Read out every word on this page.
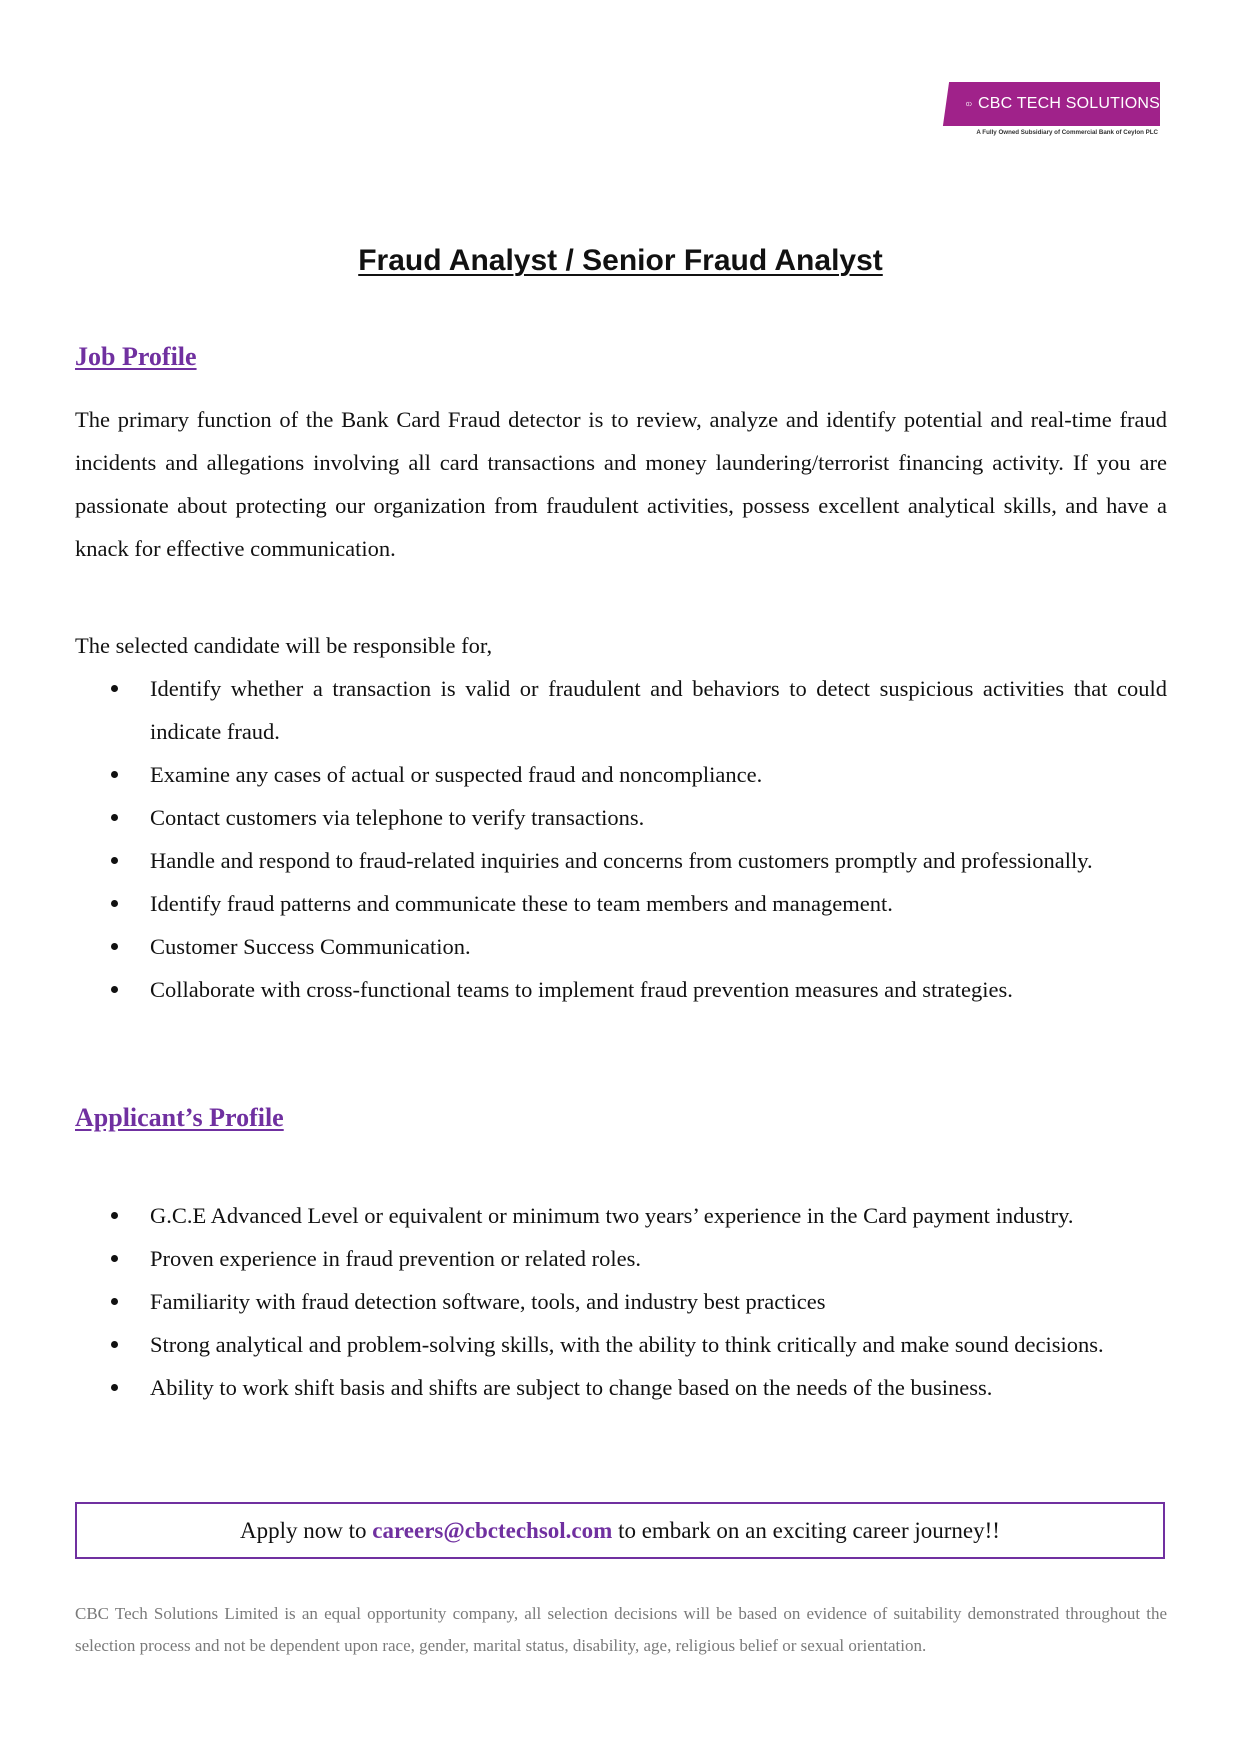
CBC TECH SOLUTIONS
A Fully Owned Subsidiary of Commercial Bank of Ceylon PLC
Fraud Analyst / Senior Fraud Analyst
Job Profile

The primary function of the Bank Card Fraud detector is to review, analyze and identify potential and real-time fraud incidents and allegations involving all card transactions and money laundering/terrorist financing activity. If you are passionate about protecting our organization from fraudulent activities, possess excellent analytical skills, and have a knack for effective communication.

The selected candidate will be responsible for,

Identify whether a transaction is valid or fraudulent and behaviors to detect suspicious activities that could indicate fraud.
Examine any cases of actual or suspected fraud and noncompliance.
Contact customers via telephone to verify transactions.
Handle and respond to fraud-related inquiries and concerns from customers promptly and professionally.
Identify fraud patterns and communicate these to team members and management.
Customer Success Communication.
Collaborate with cross-functional teams to implement fraud prevention measures and strategies.
Applicant’s Profile
G.C.E Advanced Level or equivalent or minimum two years’ experience in the Card payment industry.
Proven experience in fraud prevention or related roles.
Familiarity with fraud detection software, tools, and industry best practices
Strong analytical and problem-solving skills, with the ability to think critically and make sound decisions.
Ability to work shift basis and shifts are subject to change based on the needs of the business.
Apply now to careers@cbctechsol.com to embark on an exciting career journey!!

CBC Tech Solutions Limited is an equal opportunity company, all selection decisions will be based on evidence of suitability demonstrated throughout the selection process and not be dependent upon race, gender, marital status, disability, age, religious belief or sexual orientation.
